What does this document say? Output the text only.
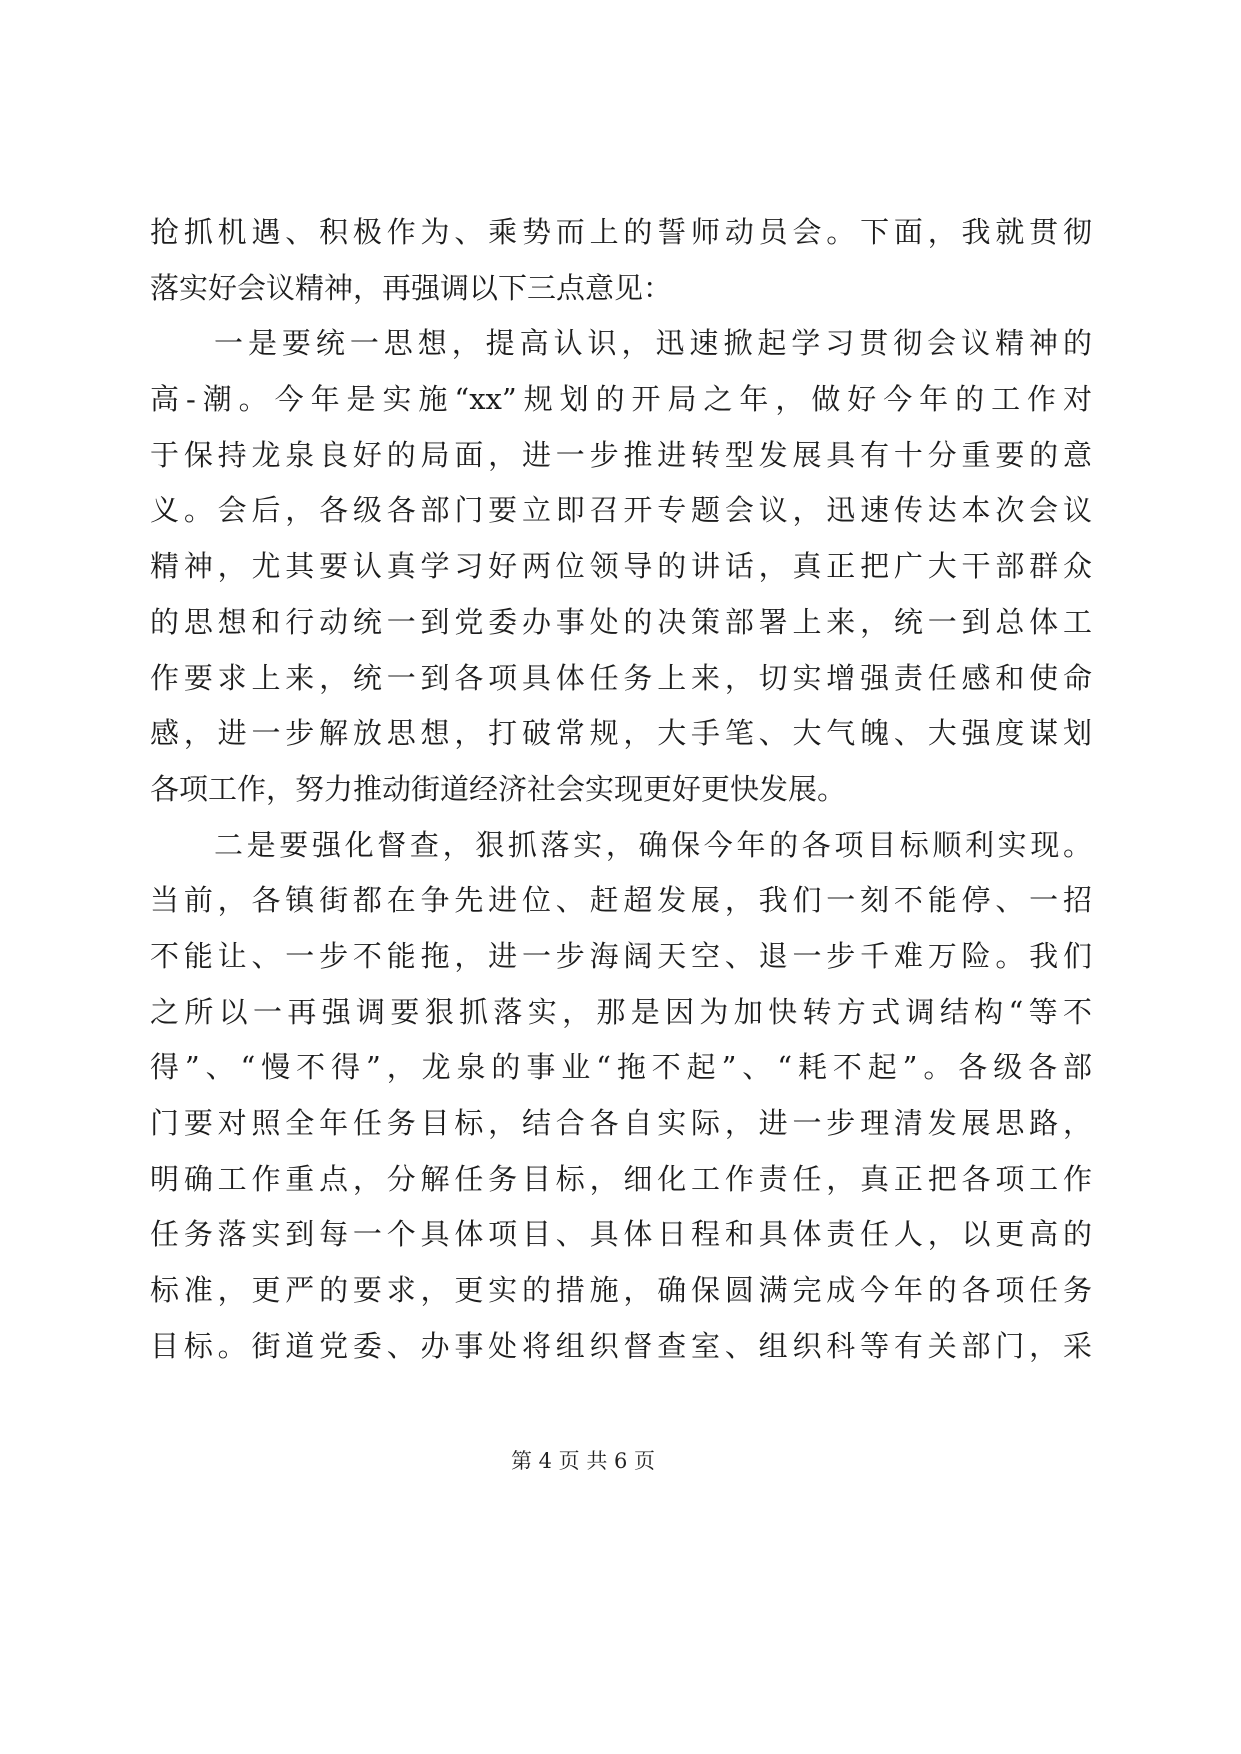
抢抓机遇、积极作为、乘势而上的誓师动员会。下面，我就贯彻
落实好会议精神，再强调以下三点意见：
一是要统一思想，提高认识，迅速掀起学习贯彻会议精神的
高-潮。今年是实施“xx”规划的开局之年，做好今年的工作对
于保持龙泉良好的局面，进一步推进转型发展具有十分重要的意
义。会后，各级各部门要立即召开专题会议，迅速传达本次会议
精神，尤其要认真学习好两位领导的讲话，真正把广大干部群众
的思想和行动统一到党委办事处的决策部署上来，统一到总体工
作要求上来，统一到各项具体任务上来，切实增强责任感和使命
感，进一步解放思想，打破常规，大手笔、大气魄、大强度谋划
各项工作，努力推动街道经济社会实现更好更快发展。
二是要强化督查，狠抓落实，确保今年的各项目标顺利实现。
当前，各镇街都在争先进位、赶超发展，我们一刻不能停、一招
不能让、一步不能拖，进一步海阔天空、退一步千难万险。我们
之所以一再强调要狠抓落实，那是因为加快转方式调结构“等不
得”、“慢不得”，龙泉的事业“拖不起”、“耗不起”。各级各部
门要对照全年任务目标，结合各自实际，进一步理清发展思路，
明确工作重点，分解任务目标，细化工作责任，真正把各项工作
任务落实到每一个具体项目、具体日程和具体责任人，以更高的
标准，更严的要求，更实的措施，确保圆满完成今年的各项任务
目标。街道党委、办事处将组织督查室、组织科等有关部门，采
第 4 页 共 6 页
